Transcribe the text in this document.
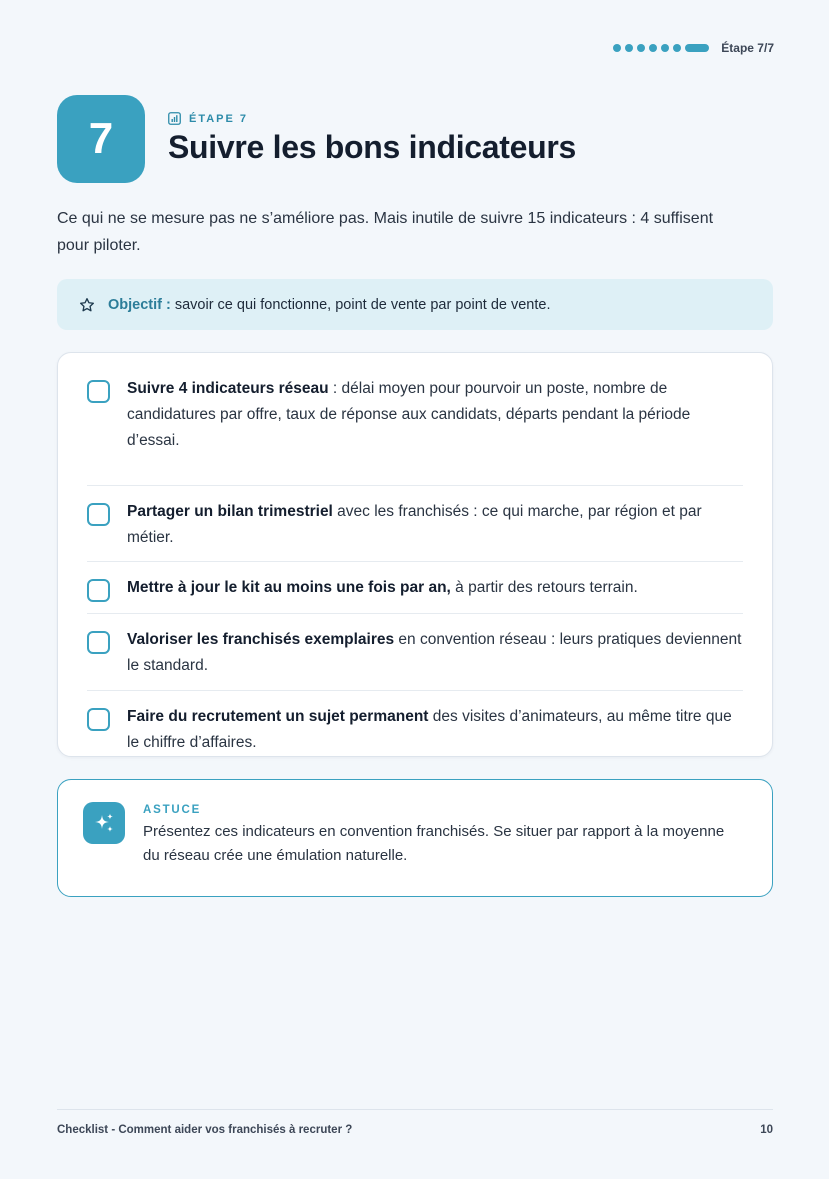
Étape 7/7
7	ÉTAPE 7
Suivre les bons indicateurs

Ce qui ne se mesure pas ne s’améliore pas. Mais inutile de suivre 15 indicateurs : 4 suffisent pour piloter.

Objectif : savoir ce qui fonctionne, point de vente par point de vente.

Suivre 4 indicateurs réseau : délai moyen pour pourvoir un poste, nombre de candidatures par offre, taux de réponse aux candidats, départs pendant la période d’essai.

Partager un bilan trimestriel avec les franchisés : ce qui marche, par région et par métier.

Mettre à jour le kit au moins une fois par an, à partir des retours terrain.

Valoriser les franchisés exemplaires en convention réseau : leurs pratiques deviennent le standard.

Faire du recrutement un sujet permanent des visites d’animateurs, au même titre que le chiffre d’affaires.

ASTUCE

Présentez ces indicateurs en convention franchisés. Se situer par rapport à la moyenne du réseau crée une émulation naturelle.

Checklist - Comment aider vos franchisés à recruter ?	10
